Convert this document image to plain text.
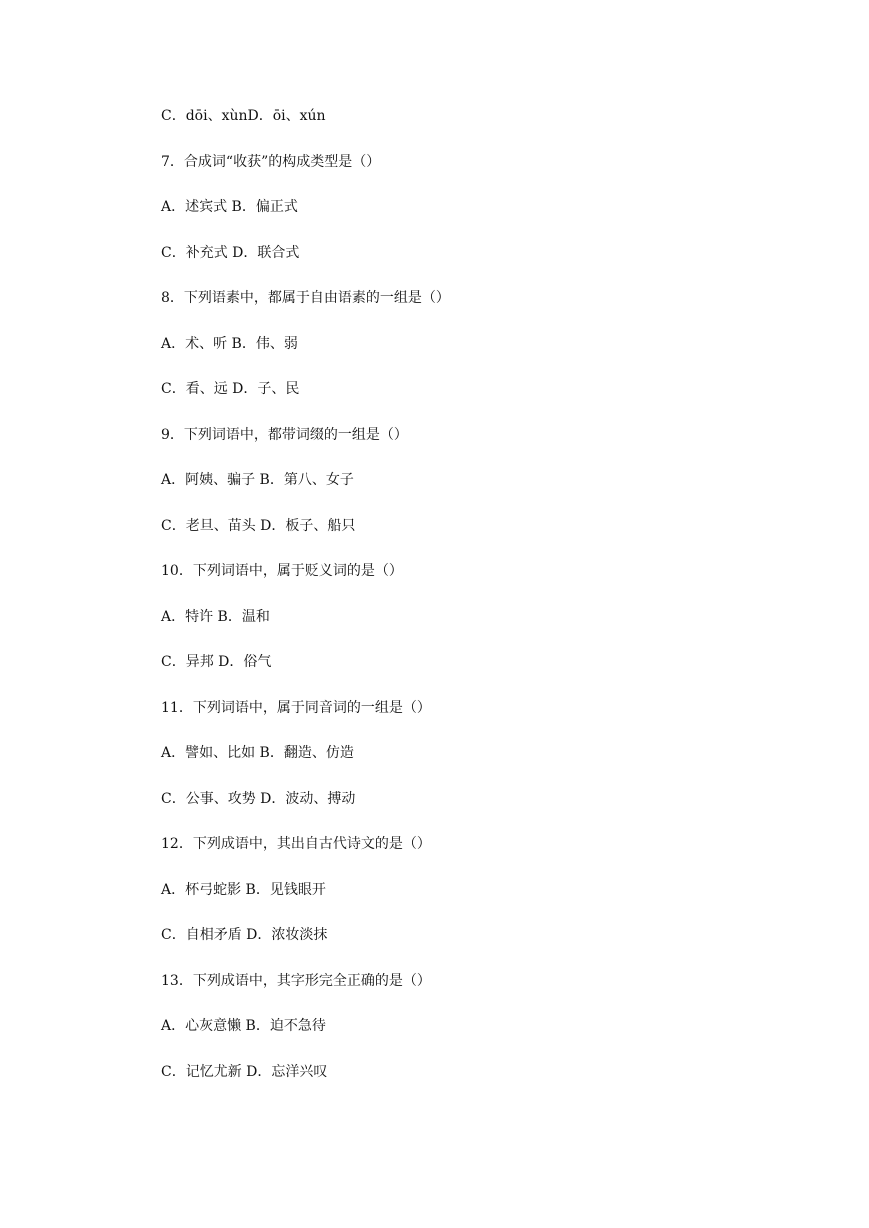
C．dōi、xùnD．ōi、xún
7．合成词“收获”的构成类型是（）
A．述宾式 B．偏正式
C．补充式 D．联合式
8．下列语素中，都属于自由语素的一组是（）
A．术、听 B．伟、弱
C．看、远 D．子、民
9．下列词语中，都带词缀的一组是（）
A．阿姨、骗子 B．第八、女子
C．老旦、苗头 D．板子、船只
10．下列词语中，属于贬义词的是（）
A．特许 B．温和
C．异邦 D．俗气
11．下列词语中，属于同音词的一组是（）
A．譬如、比如 B．翻造、仿造
C．公事、攻势 D．波动、搏动
12．下列成语中，其出自古代诗文的是（）
A．杯弓蛇影 B．见钱眼开
C．自相矛盾 D．浓妆淡抹
13．下列成语中，其字形完全正确的是（）
A．心灰意懒 B．迫不急待
C．记忆尤新 D．忘洋兴叹
